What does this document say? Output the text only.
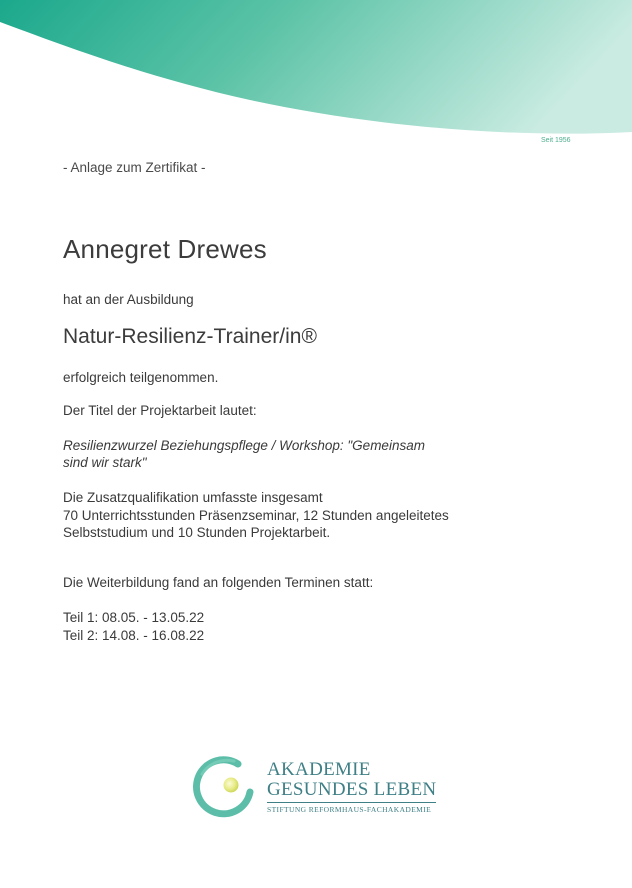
Seit 1956
- Anlage zum Zertifikat -
Annegret Drewes
hat an der Ausbildung
Natur-Resilienz-Trainer/in®
erfolgreich teilgenommen.
Der Titel der Projektarbeit lautet:
Resilienzwurzel Beziehungspflege / Workshop: "Gemeinsam
sind wir stark"
Die Zusatzqualifikation umfasste insgesamt
70 Unterrichtsstunden Präsenzseminar, 12 Stunden angeleitetes
Selbststudium und 10 Stunden Projektarbeit.
Die Weiterbildung fand an folgenden Terminen statt:
Teil 1: 08.05. - 13.05.22
Teil 2: 14.08. - 16.08.22
AKADEMIE
GESUNDES LEBEN
STIFTUNG REFORMHAUS-FACHAKADEMIE
